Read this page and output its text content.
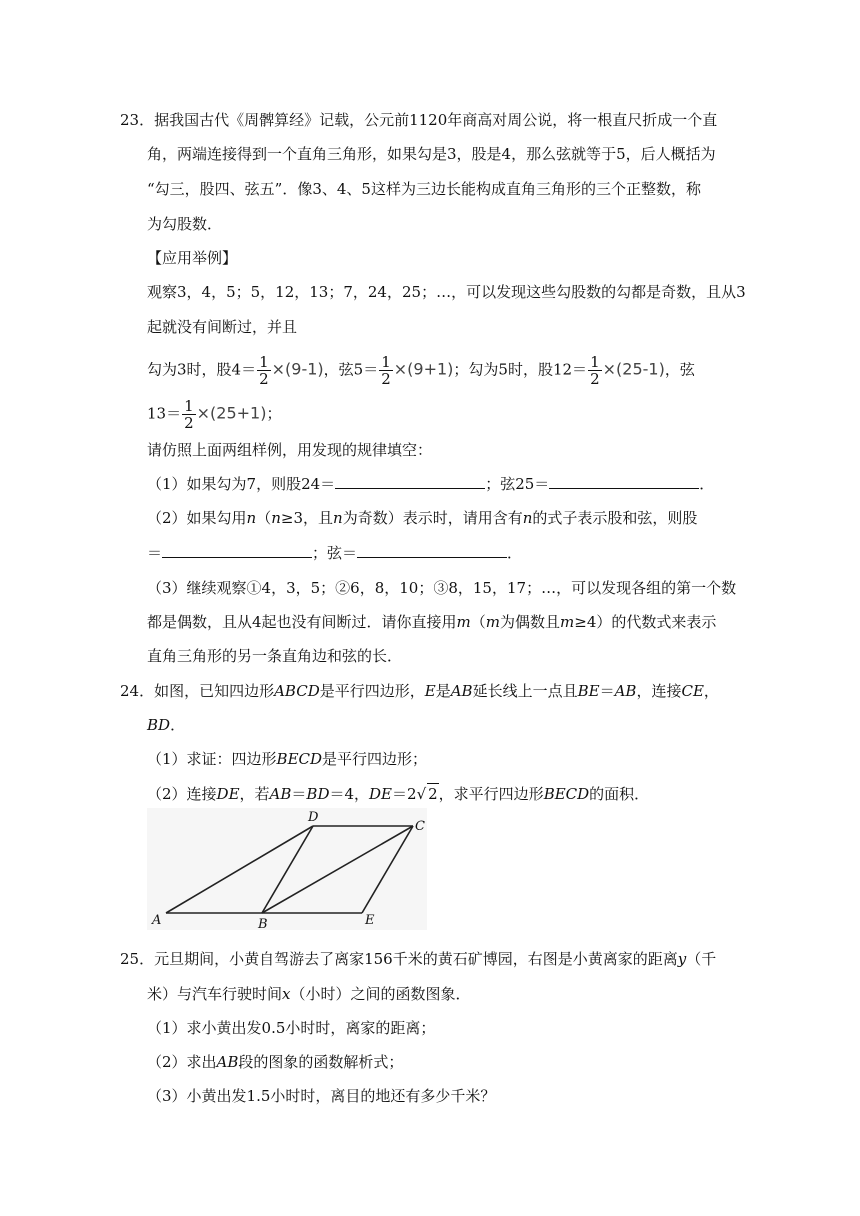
23．据我国古代《周髀算经》记载，公元前1120年商高对周公说，将一根直尺折成一个直
角，两端连接得到一个直角三角形，如果勾是3，股是4，那么弦就等于5，后人概括为
“勾三，股四、弦五”．像3、4、5这样为三边长能构成直角三角形的三个正整数，称
为勾股数．
【应用举例】
观察3，4，5；5，12，13；7，24，25；…，可以发现这些勾股数的勾都是奇数，且从3
起就没有间断过，并且
勾为3时，股$4= \frac{1}{2} \times(9-1)$，弦$5= \frac{1}{2} \times(9+1)$；勾为5时，股$12= \frac{1}{2} \times(25-1)$，弦
$13= \frac{1}{2} \times(25+1)$；
请仿照上面两组样例，用发现的规律填空：
（1）如果勾为7，则股24＝	；弦25＝	．
（2）如果勾用n（n≥3，且n为奇数）表示时，请用含有n的式子表示股和弦，则股
＝	；弦＝	．
（3）继续观察①4，3，5；②6，8，10；③8，15，17；…，可以发现各组的第一个数
都是偶数，且从4起也没有间断过．请你直接用m（m为偶数且m≥4）的代数式来表示
直角三角形的另一条直角边和弦的长．
24．如图，已知四边形ABCD是平行四边形，E是AB延长线上一点且BE＝AB，连接CE，
BD．
（1）求证：四边形BECD是平行四边形；
（2）连接DE，若AB＝BD＝4，DE＝2√ 2，求平行四边形BECD的面积．
A	B
C
D
E
25．元旦期间，小黄自驾游去了离家156千米的黄石矿博园，右图是小黄离家的距离y（千
米）与汽车行驶时间x（小时）之间的函数图象．
（1）求小黄出发0.5小时时，离家的距离；
（2）求出AB段的图象的函数解析式；
（3）小黄出发1.5小时时，离目的地还有多少千米？
